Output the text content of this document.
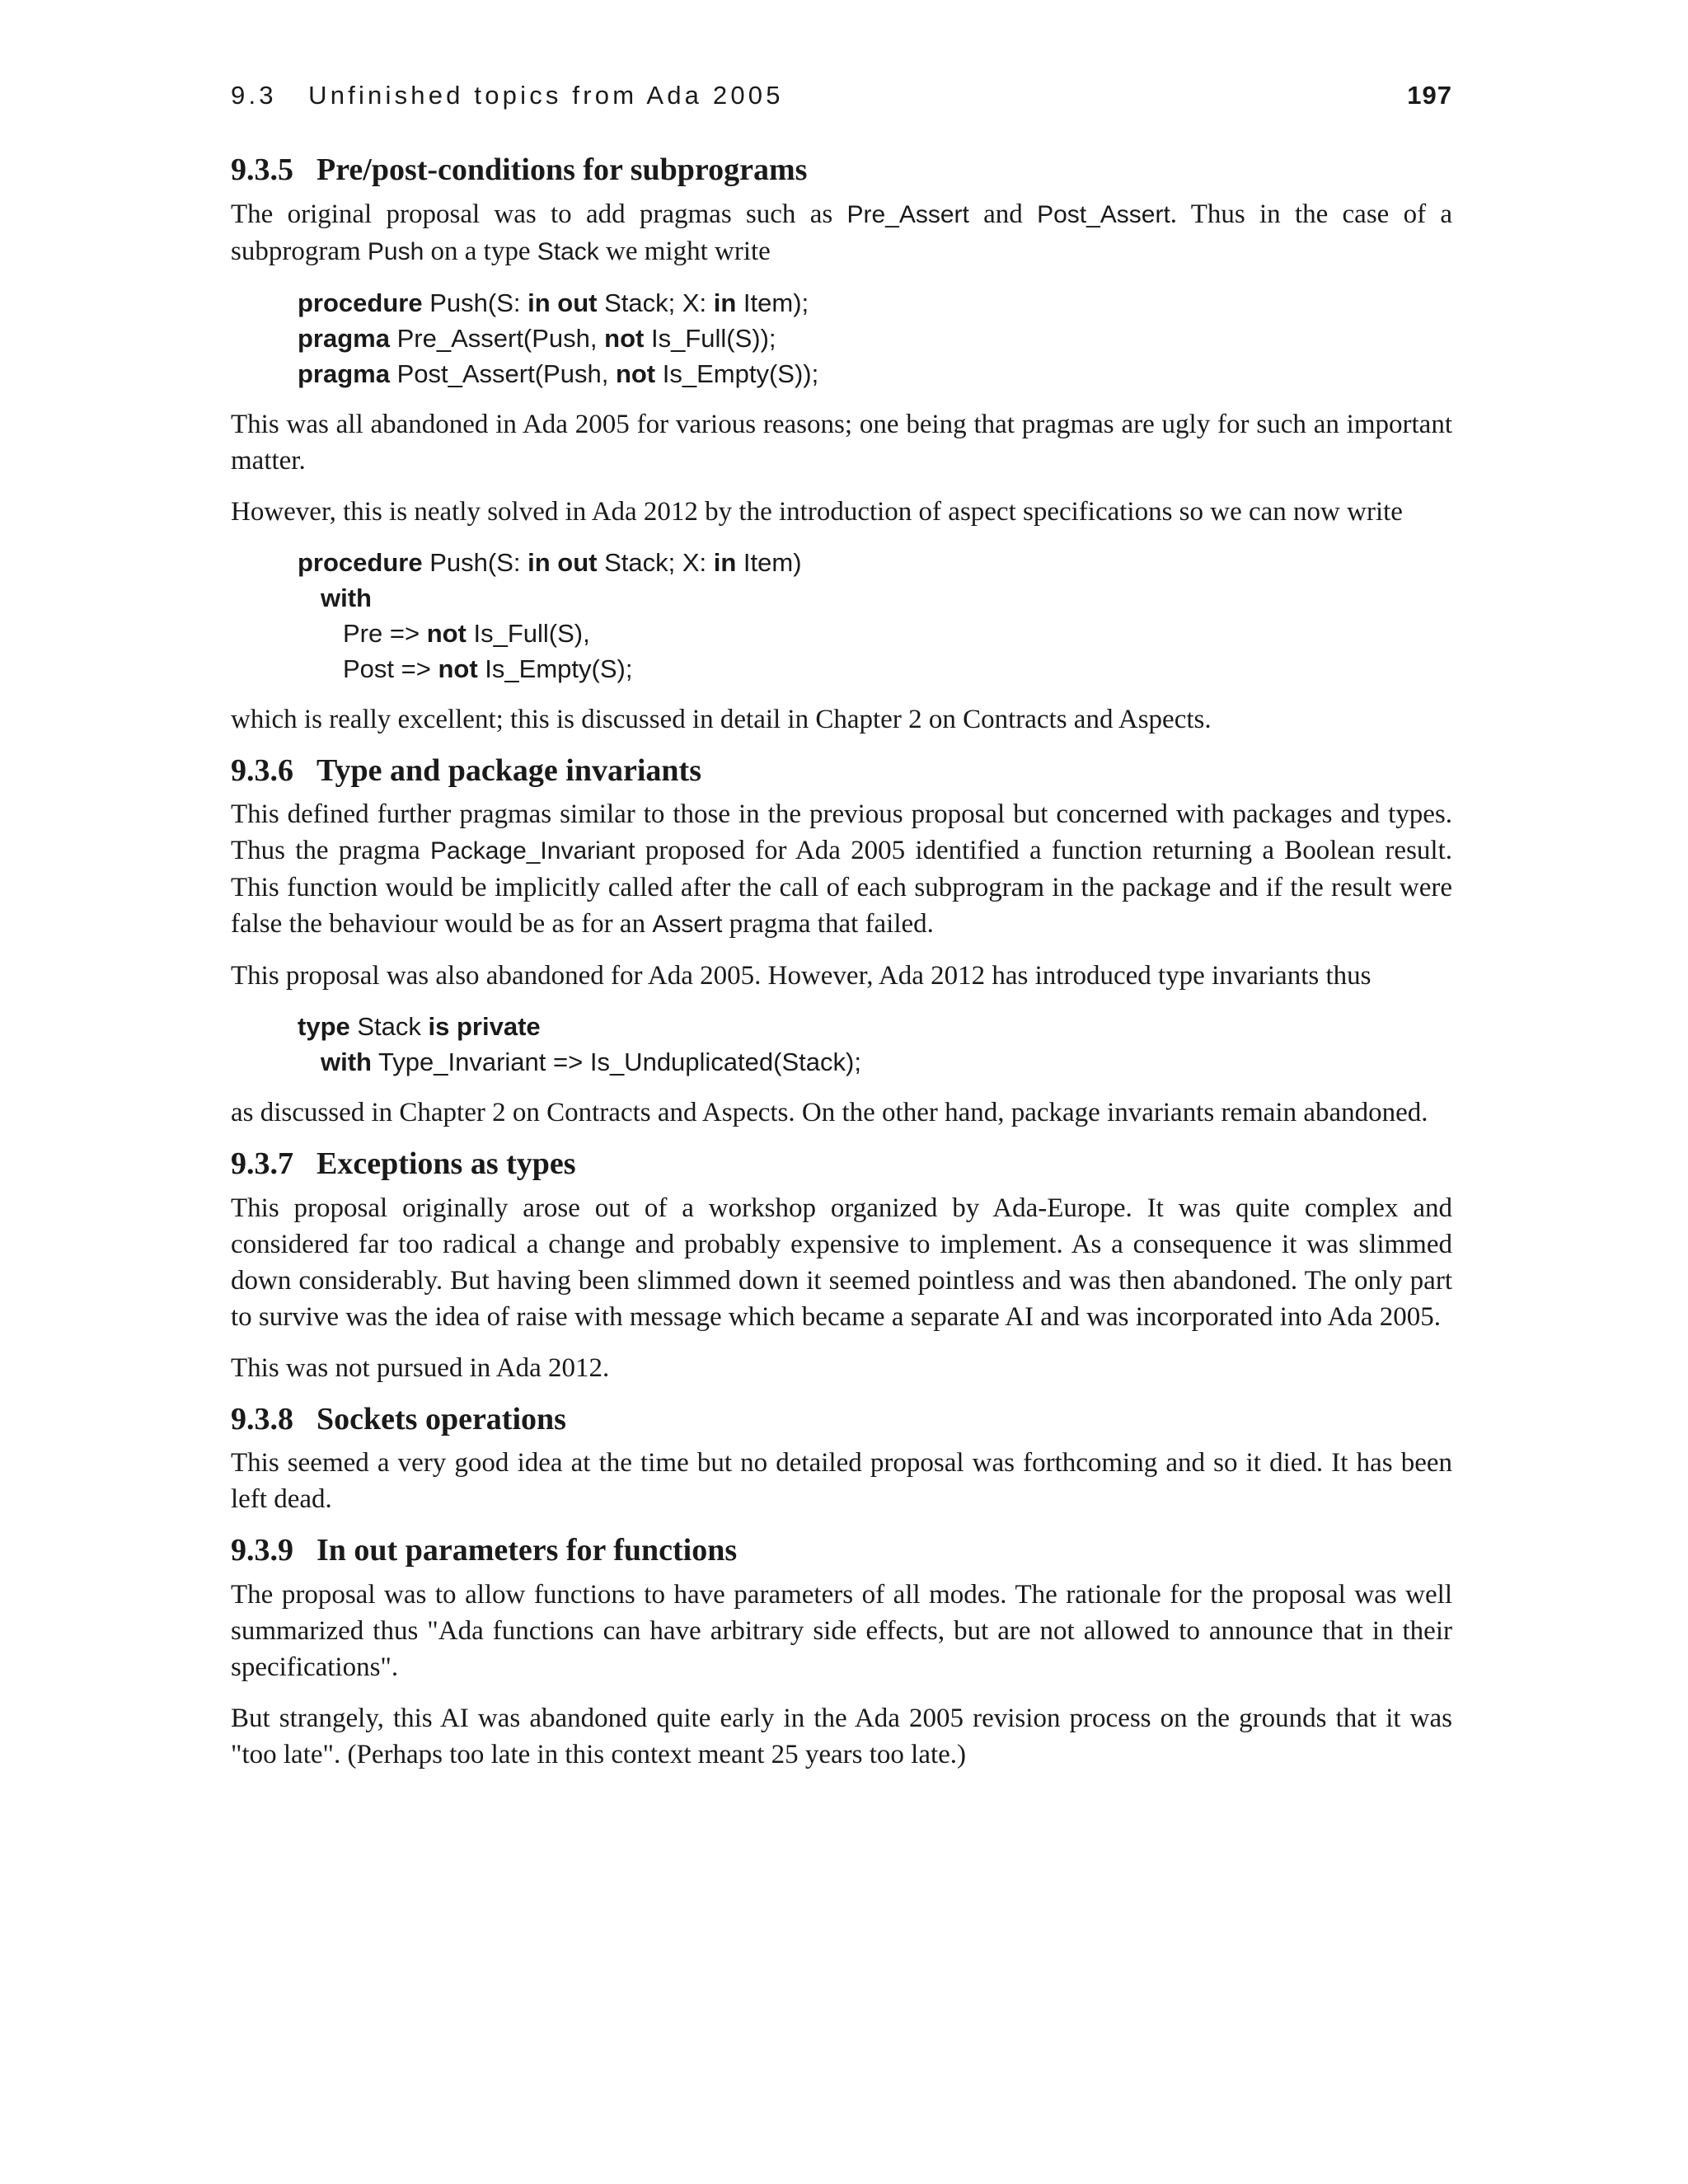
9.3   Unfinished topics from Ada 2005	197
9.3.5 Pre/post-conditions for subprograms

The original proposal was to add pragmas such as Pre_Assert and Post_Assert. Thus in the case of a subprogram Push on a type Stack we might write

procedure Push(S: in out Stack; X: in Item);
pragma Pre_Assert(Push, not Is_Full(S));
pragma Post_Assert(Push, not Is_Empty(S));

This was all abandoned in Ada 2005 for various reasons; one being that pragmas are ugly for such an important matter.

However, this is neatly solved in Ada 2012 by the introduction of aspect specifications so we can now write

procedure Push(S: in out Stack; X: in Item)
with
Pre => not Is_Full(S),
Post => not Is_Empty(S);

which is really excellent; this is discussed in detail in Chapter 2 on Contracts and Aspects.

9.3.6 Type and package invariants

This defined further pragmas similar to those in the previous proposal but concerned with packages and types. Thus the pragma Package_Invariant proposed for Ada 2005 identified a function returning a Boolean result. This function would be implicitly called after the call of each subprogram in the package and if the result were false the behaviour would be as for an Assert pragma that failed.

This proposal was also abandoned for Ada 2005. However, Ada 2012 has introduced type invariants thus

type Stack is private
with Type_Invariant => Is_Unduplicated(Stack);

as discussed in Chapter 2 on Contracts and Aspects. On the other hand, package invariants remain abandoned.

9.3.7 Exceptions as types

This proposal originally arose out of a workshop organized by Ada-Europe. It was quite complex and considered far too radical a change and probably expensive to implement. As a consequence it was slimmed down considerably. But having been slimmed down it seemed pointless and was then abandoned. The only part to survive was the idea of raise with message which became a separate AI and was incorporated into Ada 2005.

This was not pursued in Ada 2012.

9.3.8 Sockets operations

This seemed a very good idea at the time but no detailed proposal was forthcoming and so it died. It has been left dead.

9.3.9 In out parameters for functions

The proposal was to allow functions to have parameters of all modes. The rationale for the proposal was well summarized thus "Ada functions can have arbitrary side effects, but are not allowed to announce that in their specifications".

But strangely, this AI was abandoned quite early in the Ada 2005 revision process on the grounds that it was "too late". (Perhaps too late in this context meant 25 years too late.)
